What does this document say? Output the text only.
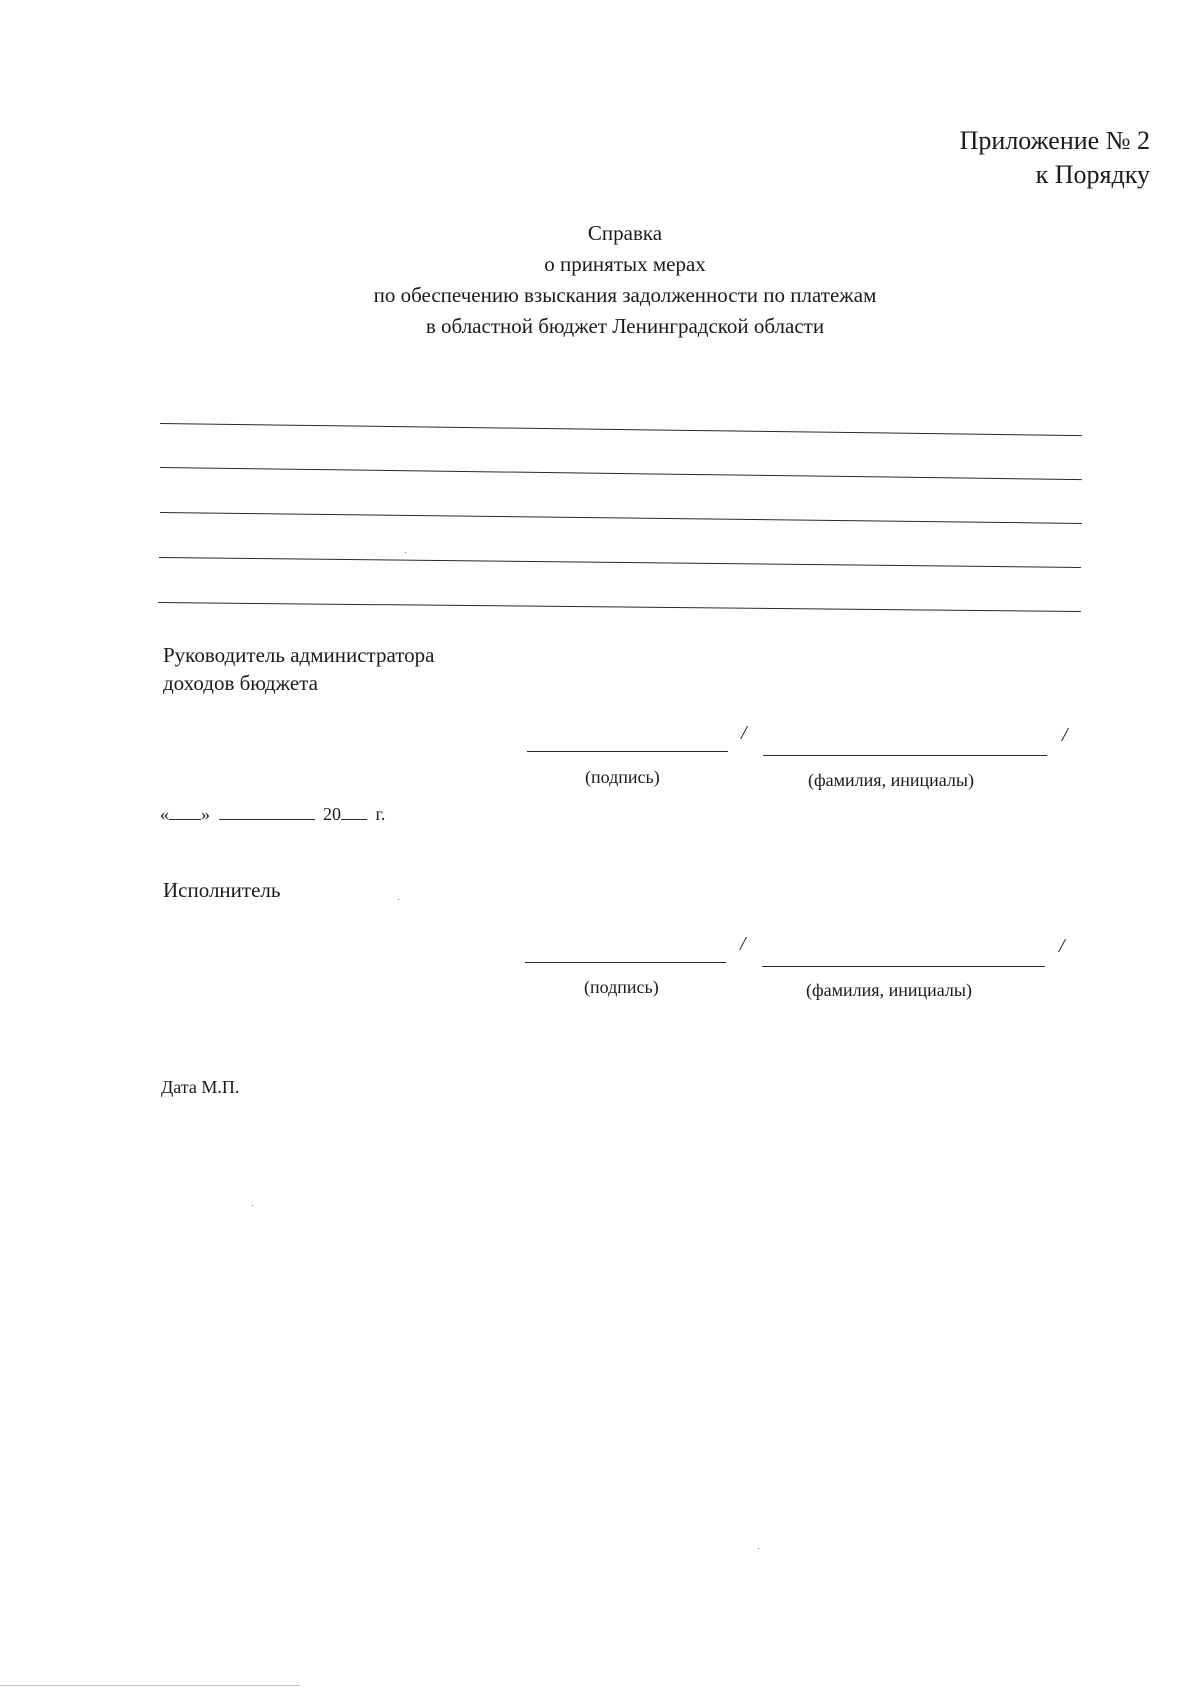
Приложение № 2
к Порядку
Справка
о принятых мерах
по обеспечению взыскания задолженности по платежам
в областной бюджет Ленинградской области
Руководитель администратора
доходов бюджета
/	/
(подпись)	(фамилия, инициалы)
« »	20 г.
Исполнитель
/	/
(подпись)	(фамилия, инициалы)
Дата М.П.
